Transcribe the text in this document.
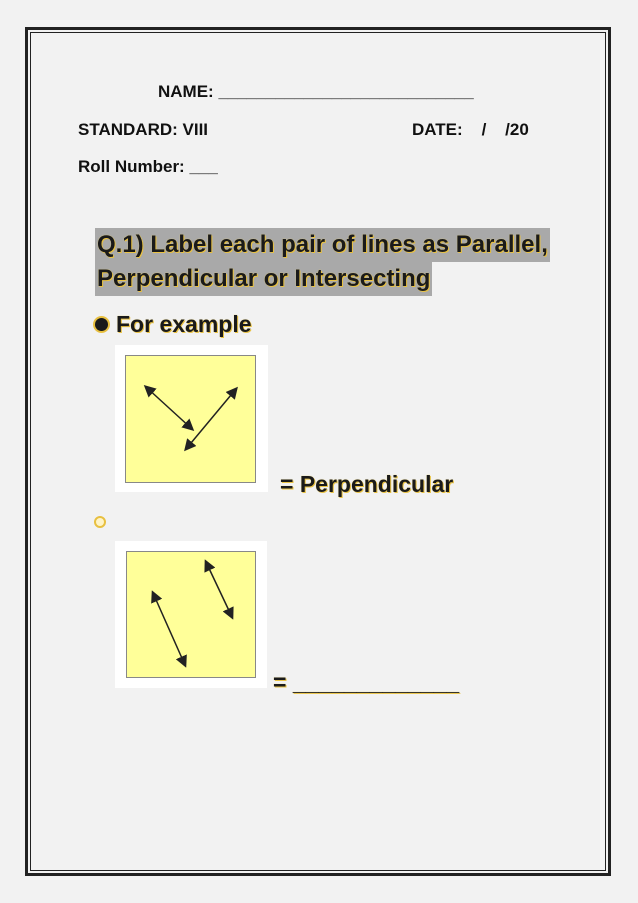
NAME: ___________________________
STANDARD: VIII	DATE:    /    /20
Roll Number: ___
Q.1) Label each pair of lines as Parallel,
Perpendicular or Intersecting
For example
= Perpendicular
= _____________
